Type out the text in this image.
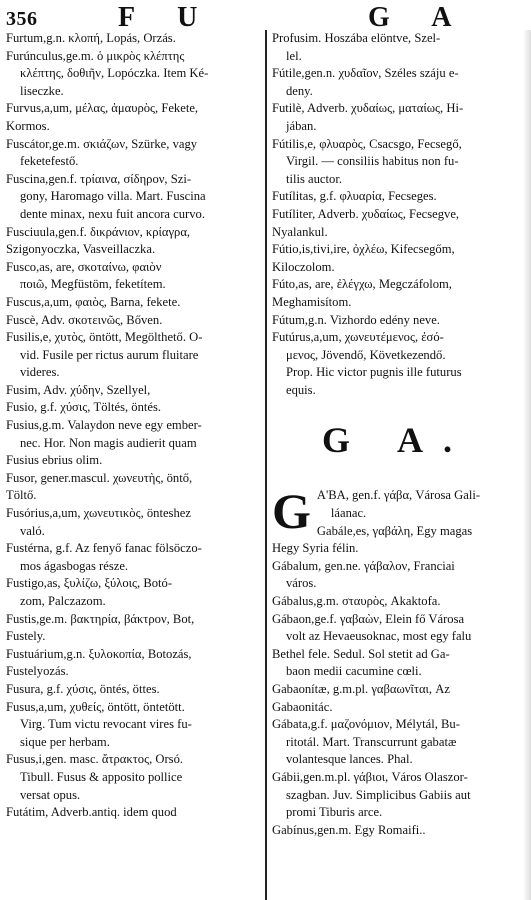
356	F U	G A

Furtum,g.n. κλοπή, Lopás, Orzás.

Furúnculus,ge.m. ὁ μικρὸς κλέπτης

κλέπτης, δοθιῆν, Lopóczka. Item Ké-

liseczke.

Furvus,a,um, μέλας, ἀμαυρὸς, Fekete,

Kormos.

Fuscátor,ge.m. σκιάζων, Szürke, vagy

feketefestő.

Fuscina,gen.f. τρίαινα, σίδηρον, Szi-

gony, Haromago villa. Mart. Fuscina

dente minax, nexu fuit ancora curvo.

Fusciuula,gen.f. δικράνιον, κρίαγρα,

Szigonyoczka, Vasveillaczka.

Fusco,as, are, σκοταίνω, φαιὸν

ποιῶ, Megfüstöm, feketítem.

Fuscus,a,um, φαιὸς, Barna, fekete.

Fuscè, Adv. σκοτεινῶς, Bőven.

Fusilis,e, χυτὸς, öntött, Megölthető. O-

vid. Fusile per rictus aurum fluitare

videres.

Fusim, Adv. χύδην, Szellyel,

Fusio, g.f. χύσις, Töltés, öntés.

Fusius,g.m. Valaydon neve egy ember-

nec. Hor. Non magis audierit quam

Fusius ebrius olim.

Fusor, gener.mascul. χωνευτὴς, öntő,

Töltő.

Fusórius,a,um, χωνευτικὸς, önteshez

való.

Fustérna, g.f. Az fenyő fanac fölsöczo-

mos ágasbogas része.

Fustigo,as, ξυλίζω, ξύλοις, Botó-

zom, Palczazom.

Fustis,ge.m. βακτηρία, βάκτρον, Bot,

Fustely.

Fustuárium,g.n. ξυλοκοπία, Botozás,

Fustelyozás.

Fusura, g.f. χύσις, öntés, öttes.

Fusus,a,um, χυθείς, öntött, öntetött.

Virg. Tum victu revocant vires fu-

sique per herbam.

Fusus,i,gen. masc. ἄτρακτος, Orsó.

Tibull. Fusus & apposito pollice

versat opus.

Futátim, Adverb.antiq. idem quod

Profusim. Hoszába elöntve, Szel-

lel.

Fútile,gen.n. χυδαῖον, Széles száju e-

deny.

Futilè, Adverb. χυδαίως, ματαίως, Hi-

jában.

Fútilis,e, φλυαρὸς, Csacsgo, Fecsegő,

Virgil. — consiliis habitus non fu-

tilis auctor.

Futílitas, g.f. φλυαρία, Fecseges.

Futíliter, Adverb. χυδαίως, Fecsegve,

Nyalankul.

Fútio,is,tivi,ire, ὀχλέω, Kifecsegőm,

Kiloczolom.

Fúto,as, are, ἐλέγχω, Megczáfolom,

Meghamisítom.

Fútum,g.n. Vizhordo edény neve.

Futúrus,a,um, χωνευτέμενος, ἐσό-

μενος, Jövendő, Következendő.

Prop. Hic victor pugnis ille futurus

equis.

G A.
G A'BA, gen.f. γάβα, Városa Gali-

láanac.

Gabále,es, γαβάλη, Egy magas

Hegy Syria félin.

Gábalum, gen.ne. γάβαλον, Franciai

város.

Gábalus,g.m. σταυρὸς, Akaktofa.

Gábaon,ge.f. γαβαὼν, Elein fő Városa

volt az Hevaeusoknac, most egy falu

Bethel fele. Sedul. Sol stetit ad Ga-

baon medii cacumine cœli.

Gabaonítæ, g.m.pl. γαβαωνῖται, Az

Gabaonitác.

Gábata,g.f. μαζονόμιον, Mélytál, Bu-

ritotál. Mart. Transcurrunt gabatæ

volantesque lances. Phal.

Gábii,gen.m.pl. γάβιοι, Város Olaszor-

szagban. Juv. Simplicibus Gabiis aut

promi Tiburis arce.

Gabínus,gen.m. Egy Romaifi..
